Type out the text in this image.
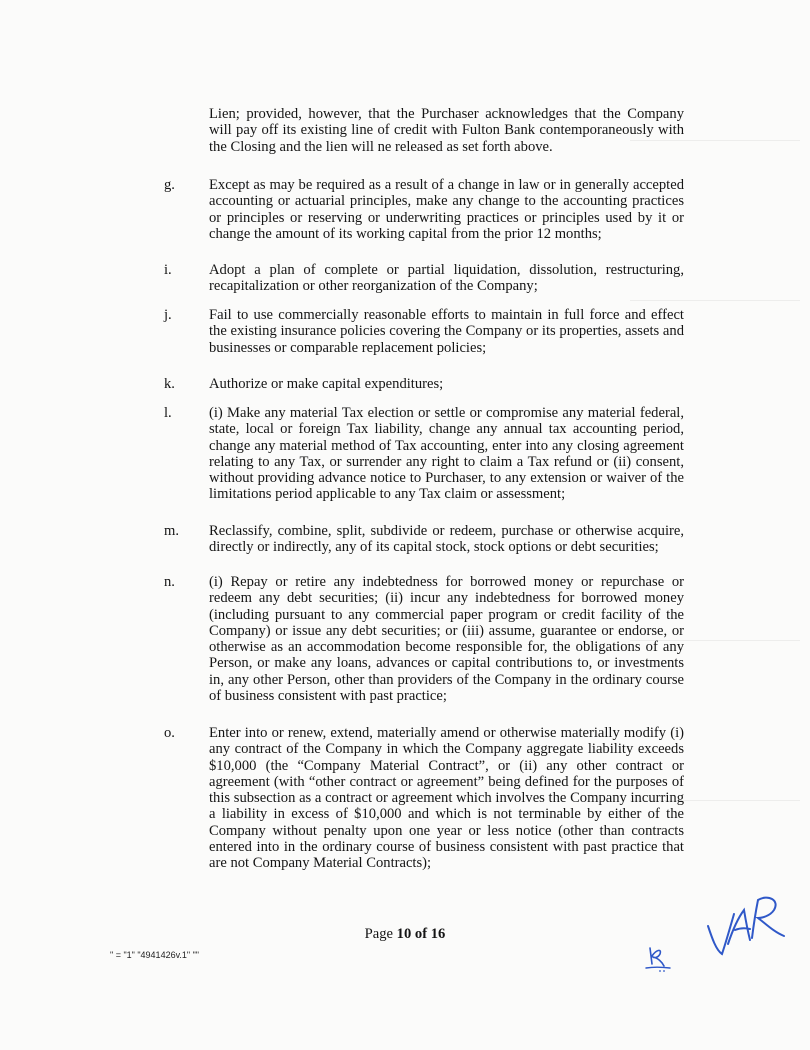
Lien; provided, however, that the Purchaser acknowledges that the Company will pay off its existing line of credit with Fulton Bank contemporaneously with the Closing and the lien will ne released as set forth above.

g. Except as may be required as a result of a change in law or in generally accepted accounting or actuarial principles, make any change to the accounting practices or principles or reserving or underwriting practices or principles used by it or change the amount of its working capital from the prior 12 months;
i.	Adopt a plan of complete or partial liquidation, dissolution, restructuring, recapitalization or other reorganization of the Company;
j.	Fail to use commercially reasonable efforts to maintain in full force and effect the existing insurance policies covering the Company or its properties, assets and businesses or comparable replacement policies;
k. Authorize or make capital expenditures;
l.	(i) Make any material Tax election or settle or compromise any material federal, state, local or foreign Tax liability, change any annual tax accounting period, change any material method of Tax accounting, enter into any closing agreement relating to any Tax, or surrender any right to claim a Tax refund or (ii) consent, without providing advance notice to Purchaser, to any extension or waiver of the limitations period applicable to any Tax claim or assessment;
m. Reclassify, combine, split, subdivide or redeem, purchase or otherwise acquire, directly or indirectly, any of its capital stock, stock options or debt securities;
n. (i) Repay or retire any indebtedness for borrowed money or repurchase or redeem any debt securities; (ii) incur any indebtedness for borrowed money (including pursuant to any commercial paper program or credit facility of the Company) or issue any debt securities; or (iii) assume, guarantee or endorse, or otherwise as an accommodation become responsible for, the obligations of any Person, or make any loans, advances or capital contributions to, or investments in, any other Person, other than providers of the Company in the ordinary course of business consistent with past practice;
o. Enter into or renew, extend, materially amend or otherwise materially modify (i) any contract of the Company in which the Company aggregate liability exceeds $10,000 (the “Company Material Contract”, or (ii) any other contract or agreement (with “other contract or agreement” being defined for the purposes of this subsection as a contract or agreement which involves the Company incurring a liability in excess of $10,000 and which is not terminable by either of the Company without penalty upon one year or less notice (other than contracts entered into in the ordinary course of business consistent with past practice that are not Company Material Contracts);
Page 10 of 16
" = "1" "4941426v.1" ""
